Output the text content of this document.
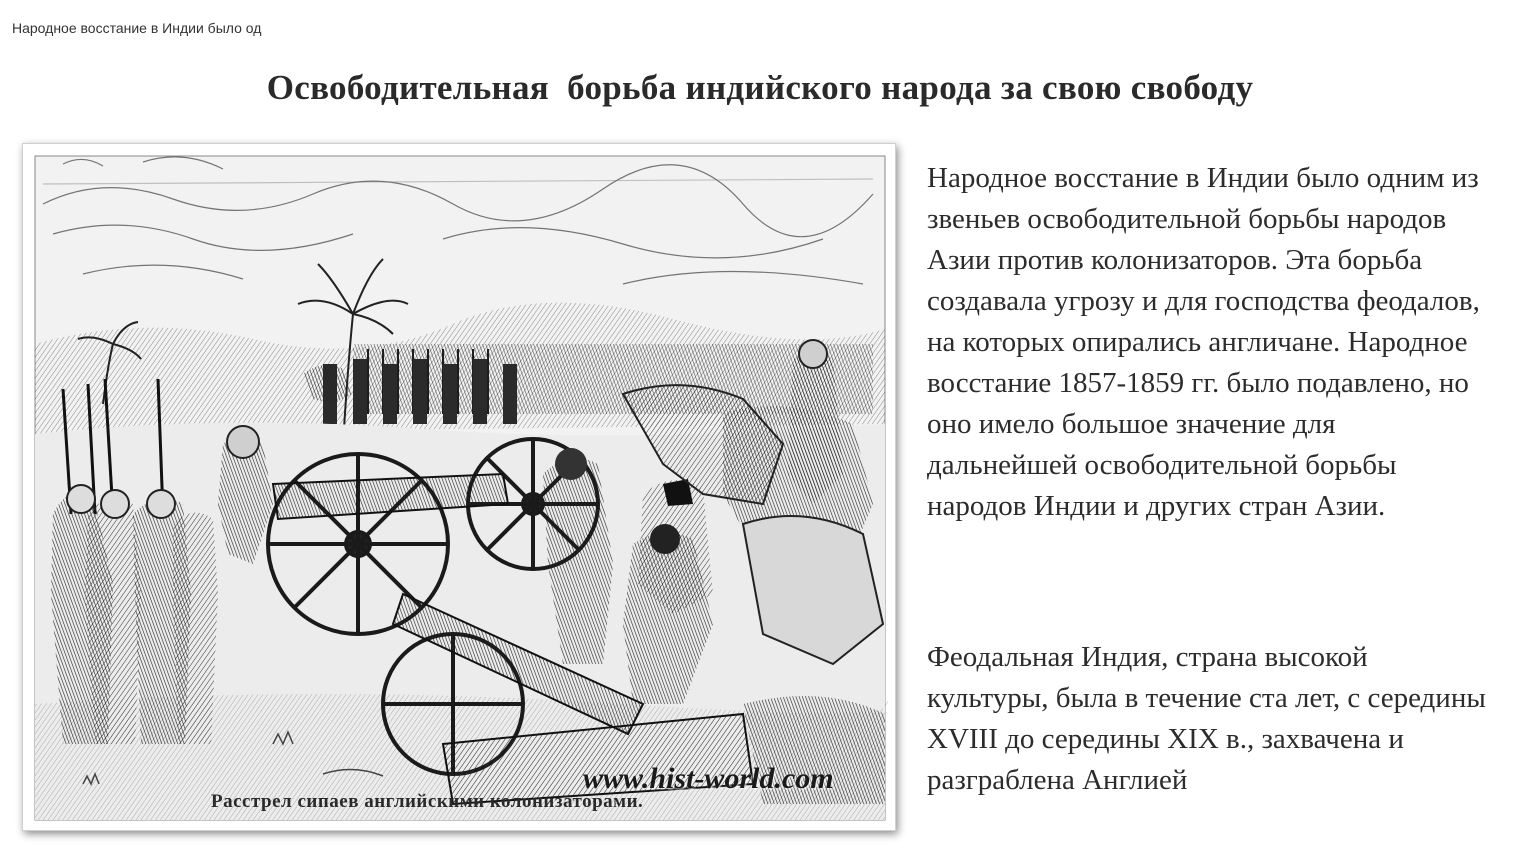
Народное восстание в Индии было од
Освободительная  борьба индийского народа за свою свободу
www.hist-world.com
Расстрел сипаев английскими колонизаторами.
Народное восстание в Индии было одним из звеньев освободительной борьбы народов Азии против колонизаторов. Эта борьба создавала угрозу и для господства феодалов, на которых опирались англичане. Народное восстание 1857-1859 гг. было подавлено, но оно имело большое значение для дальнейшей освободительной борьбы народов Индии и других стран Азии.
Феодальная Индия, страна высокой культуры, была в течение ста лет, с середины XVIII до середины XIX в., захвачена и разграблена Англией
